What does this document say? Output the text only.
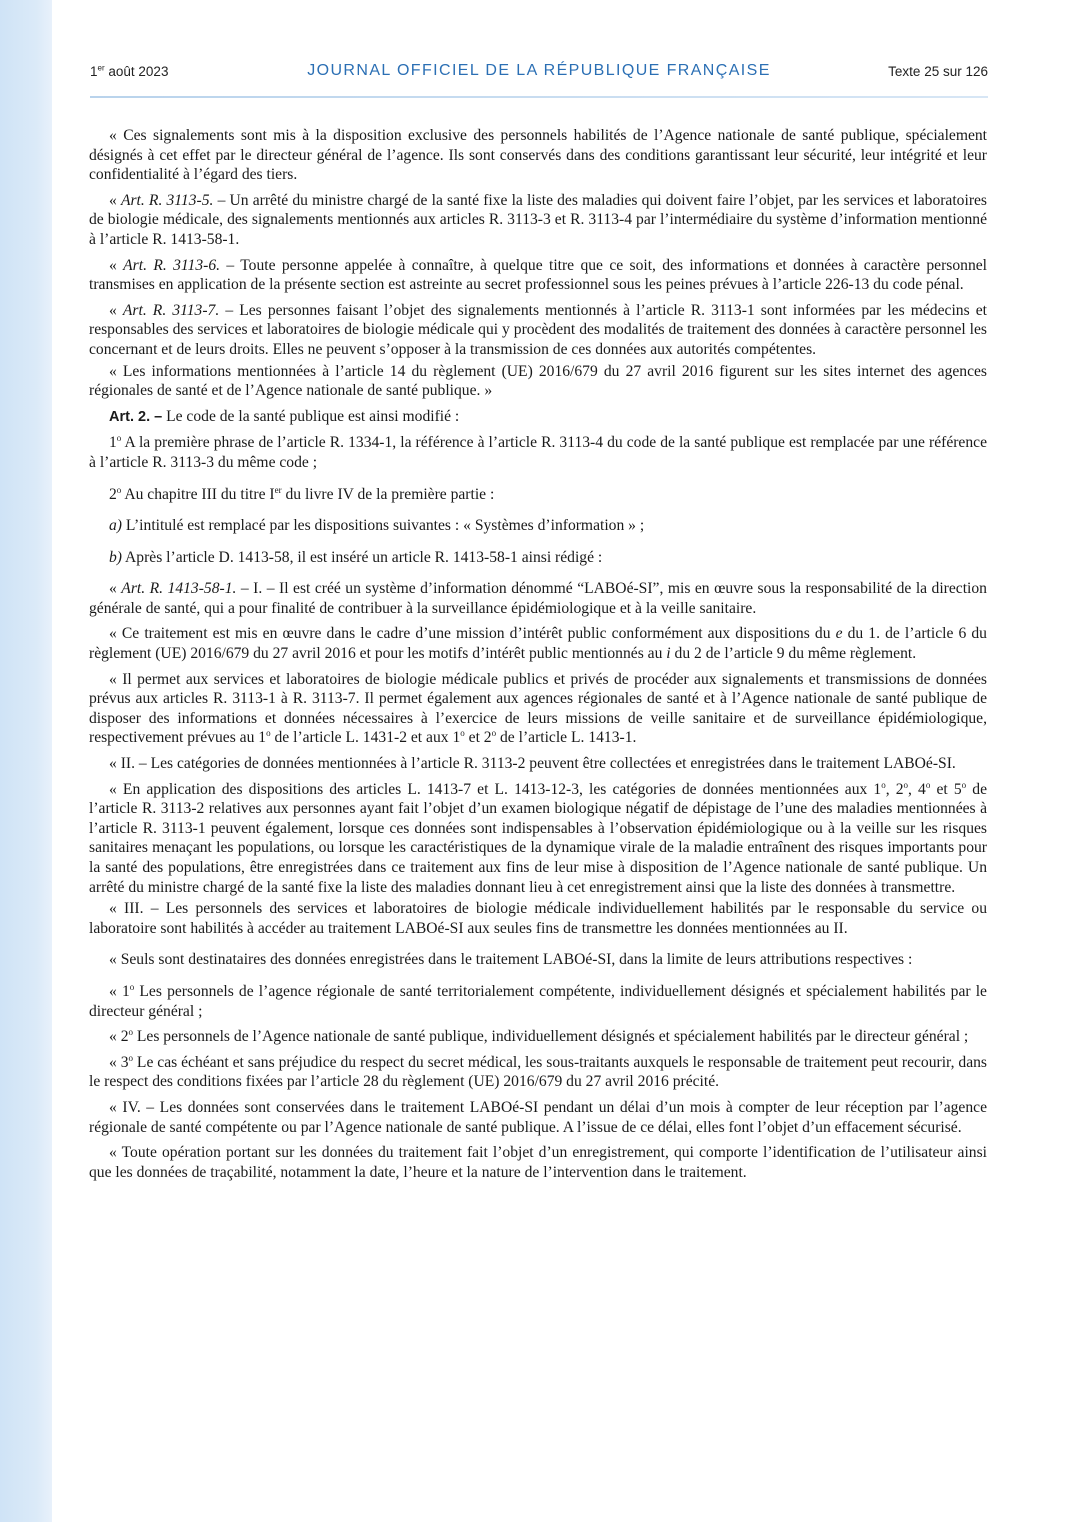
1er août 2023	JOURNAL OFFICIEL DE LA RÉPUBLIQUE FRANÇAISE	Texte 25 sur 126

« Ces signalements sont mis à la disposition exclusive des personnels habilités de l’Agence nationale de santé publique, spécialement désignés à cet effet par le directeur général de l’agence. Ils sont conservés dans des conditions garantissant leur sécurité, leur intégrité et leur confidentialité à l’égard des tiers.

« Art. R. 3113-5. – Un arrêté du ministre chargé de la santé fixe la liste des maladies qui doivent faire l’objet, par les services et laboratoires de biologie médicale, des signalements mentionnés aux articles R. 3113-3 et R. 3113-4 par l’intermédiaire du système d’information mentionné à l’article R. 1413-58-1.

« Art. R. 3113-6. – Toute personne appelée à connaître, à quelque titre que ce soit, des informations et données à caractère personnel transmises en application de la présente section est astreinte au secret professionnel sous les peines prévues à l’article 226-13 du code pénal.

« Art. R. 3113-7. – Les personnes faisant l’objet des signalements mentionnés à l’article R. 3113-1 sont informées par les médecins et responsables des services et laboratoires de biologie médicale qui y procèdent des modalités de traitement des données à caractère personnel les concernant et de leurs droits. Elles ne peuvent s’opposer à la transmission de ces données aux autorités compétentes.

« Les informations mentionnées à l’article 14 du règlement (UE) 2016/679 du 27 avril 2016 figurent sur les sites internet des agences régionales de santé et de l’Agence nationale de santé publique. »

Art. 2. – Le code de la santé publique est ainsi modifié :

1$^o$ A la première phrase de l’article R. 1334-1, la référence à l’article R. 3113-4 du code de la santé publique est remplacée par une référence à l’article R. 3113-3 du même code ;

2$^o$ Au chapitre III du titre Ier du livre IV de la première partie :

a) L’intitulé est remplacé par les dispositions suivantes : « Systèmes d’information » ;

b) Après l’article D. 1413-58, il est inséré un article R. 1413-58-1 ainsi rédigé :

« Art. R. 1413-58-1. – I. – Il est créé un système d’information dénommé “LABOé-SI”, mis en œuvre sous la responsabilité de la direction générale de santé, qui a pour finalité de contribuer à la surveillance épidémiologique et à la veille sanitaire.

« Ce traitement est mis en œuvre dans le cadre d’une mission d’intérêt public conformément aux dispositions du e du 1. de l’article 6 du règlement (UE) 2016/679 du 27 avril 2016 et pour les motifs d’intérêt public mentionnés au i du 2 de l’article 9 du même règlement.

« Il permet aux services et laboratoires de biologie médicale publics et privés de procéder aux signalements et transmissions de données prévus aux articles R. 3113-1 à R. 3113-7. Il permet également aux agences régionales de santé et à l’Agence nationale de santé publique de disposer des informations et données nécessaires à l’exercice de leurs missions de veille sanitaire et de surveillance épidémiologique, respectivement prévues au 1$^o$ de l’article L. 1431-2 et aux 1$^o$ et 2$^o$ de l’article L. 1413-1.

« II. – Les catégories de données mentionnées à l’article R. 3113-2 peuvent être collectées et enregistrées dans le traitement LABOé-SI.

« En application des dispositions des articles L. 1413-7 et L. 1413-12-3, les catégories de données mentionnées aux 1$^o$, 2$^o$, 4$^o$ et 5$^o$ de l’article R. 3113-2 relatives aux personnes ayant fait l’objet d’un examen biologique négatif de dépistage de l’une des maladies mentionnées à l’article R. 3113-1 peuvent également, lorsque ces données sont indispensables à l’observation épidémiologique ou à la veille sur les risques sanitaires menaçant les populations, ou lorsque les caractéristiques de la dynamique virale de la maladie entraînent des risques importants pour la santé des populations, être enregistrées dans ce traitement aux fins de leur mise à disposition de l’Agence nationale de santé publique. Un arrêté du ministre chargé de la santé fixe la liste des maladies donnant lieu à cet enregistrement ainsi que la liste des données à transmettre.

« III. – Les personnels des services et laboratoires de biologie médicale individuellement habilités par le responsable du service ou laboratoire sont habilités à accéder au traitement LABOé-SI aux seules fins de transmettre les données mentionnées au II.

« Seuls sont destinataires des données enregistrées dans le traitement LABOé-SI, dans la limite de leurs attributions respectives :

« 1$^o$ Les personnels de l’agence régionale de santé territorialement compétente, individuellement désignés et spécialement habilités par le directeur général ;

« 2$^o$ Les personnels de l’Agence nationale de santé publique, individuellement désignés et spécialement habilités par le directeur général ;

« 3$^o$ Le cas échéant et sans préjudice du respect du secret médical, les sous-traitants auxquels le responsable de traitement peut recourir, dans le respect des conditions fixées par l’article 28 du règlement (UE) 2016/679 du 27 avril 2016 précité.

« IV. – Les données sont conservées dans le traitement LABOé-SI pendant un délai d’un mois à compter de leur réception par l’agence régionale de santé compétente ou par l’Agence nationale de santé publique. A l’issue de ce délai, elles font l’objet d’un effacement sécurisé.

« Toute opération portant sur les données du traitement fait l’objet d’un enregistrement, qui comporte l’identification de l’utilisateur ainsi que les données de traçabilité, notamment la date, l’heure et la nature de l’intervention dans le traitement.
